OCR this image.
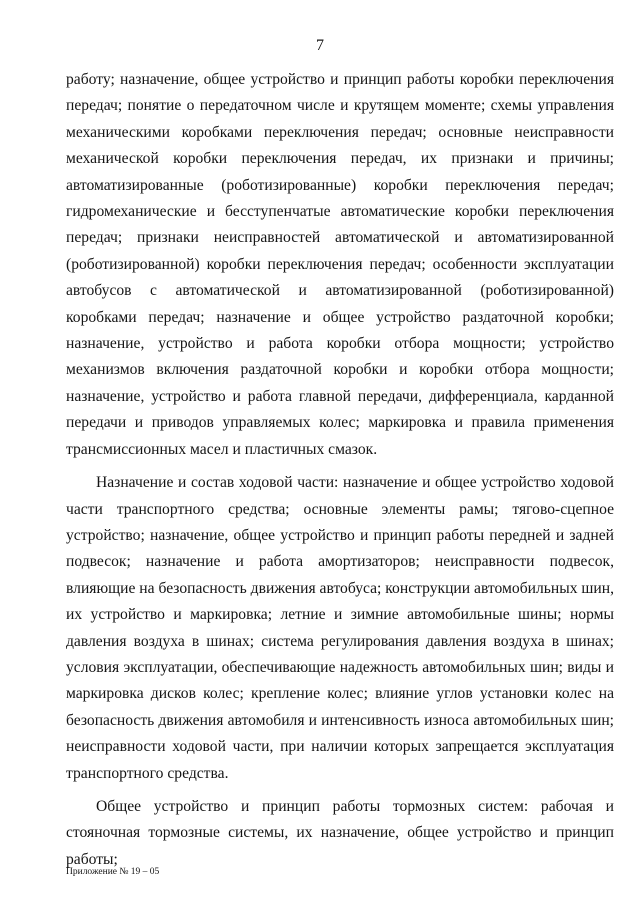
7

работу; назначение, общее устройство и принцип работы коробки переключения передач; понятие о передаточном числе и крутящем моменте; схемы управления механическими коробками переключения передач; основные неисправности механической коробки переключения передач, их признаки и причины; автоматизированные (роботизированные) коробки переключения передач; гидромеханические и бесступенчатые автоматические коробки переключения передач; признаки неисправностей автоматической и автоматизированной (роботизированной) коробки переключения передач; особенности эксплуатации автобусов с автоматической и автоматизированной (роботизированной) коробками передач; назначение и общее устройство раздаточной коробки; назначение, устройство и работа коробки отбора мощности; устройство механизмов включения раздаточной коробки и коробки отбора мощности; назначение, устройство и работа главной передачи, дифференциала, карданной передачи и приводов управляемых колес; маркировка и правила применения трансмиссионных масел и пластичных смазок.

Назначение и состав ходовой части: назначение и общее устройство ходовой части транспортного средства; основные элементы рамы; тягово-сцепное устройство; назначение, общее устройство и принцип работы передней и задней подвесок; назначение и работа амортизаторов; неисправности подвесок, влияющие на безопасность движения автобуса; конструкции автомобильных шин, их устройство и маркировка; летние и зимние автомобильные шины; нормы давления воздуха в шинах; система регулирования давления воздуха в шинах; условия эксплуатации, обеспечивающие надежность автомобильных шин; виды и маркировка дисков колес; крепление колес; влияние углов установки колес на безопасность движения автомобиля и интенсивность износа автомобильных шин; неисправности ходовой части, при наличии которых запрещается эксплуатация транспортного средства.

Общее устройство и принцип работы тормозных систем: рабочая и стояночная тормозные системы, их назначение, общее устройство и принцип работы;

Приложение № 19 – 05
